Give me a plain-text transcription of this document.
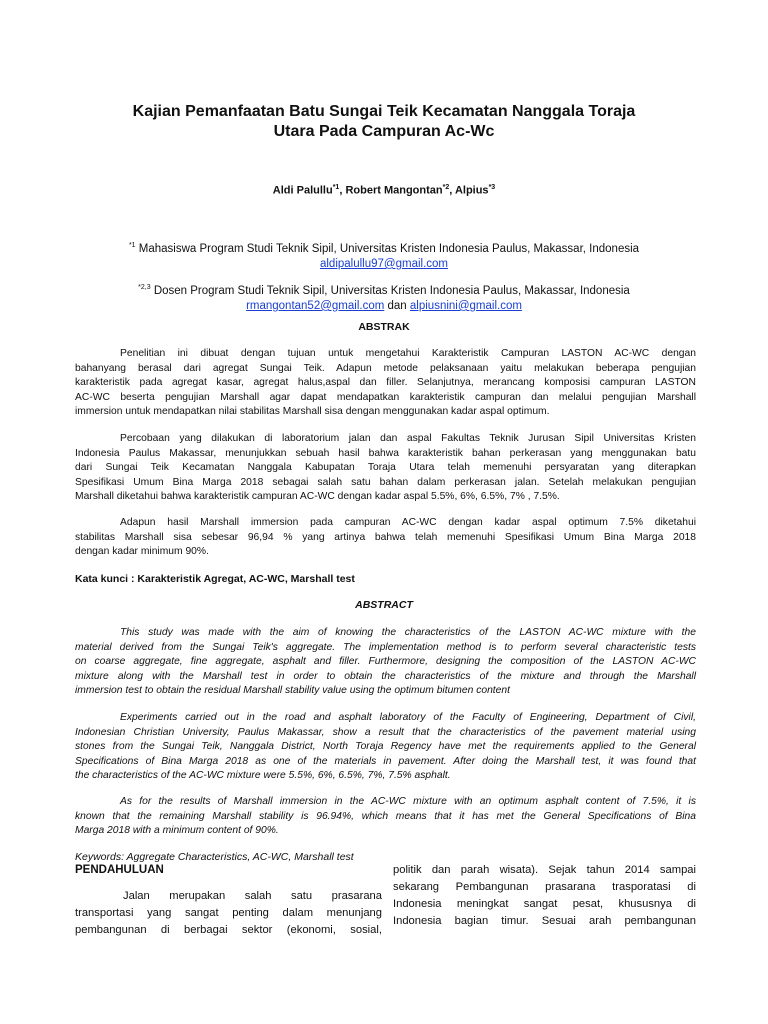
Kajian Pemanfaatan Batu Sungai Teik Kecamatan Nanggala Toraja
Utara Pada Campuran Ac-Wc
Aldi Palullu$^{*1}$, Robert Mangontan$^{*2}$, Alpius$^{*3}$
$^{*1}$ Mahasiswa Program Studi Teknik Sipil, Universitas Kristen Indonesia Paulus, Makassar, Indonesia
aldipalullu97@gmail.com
$^{*2,3}$ Dosen Program Studi Teknik Sipil, Universitas Kristen Indonesia Paulus, Makassar, Indonesia
rmangontan52@gmail.com dan alpiusnini@gmail.com
ABSTRAK
Penelitian ini dibuat dengan tujuan untuk mengetahui Karakteristik Campuran LASTON AC-WC dengan
bahanyang berasal dari agregat Sungai Teik. Adapun metode pelaksanaan yaitu melakukan beberapa pengujian
karakteristik pada agregat kasar, agregat halus,aspal dan filler. Selanjutnya, merancang komposisi campuran LASTON
AC-WC beserta pengujian Marshall agar dapat mendapatkan karakteristik campuran dan melalui pengujian Marshall
immersion untuk mendapatkan nilai stabilitas Marshall sisa dengan menggunakan kadar aspal optimum.
Percobaan yang dilakukan di laboratorium jalan dan aspal Fakultas Teknik Jurusan Sipil Universitas Kristen
Indonesia Paulus Makassar, menunjukkan sebuah hasil bahwa karakteristik bahan perkerasan yang menggunakan batu
dari Sungai Teik Kecamatan Nanggala Kabupatan Toraja Utara telah memenuhi persyaratan yang diterapkan
Spesifikasi Umum Bina Marga 2018 sebagai salah satu bahan dalam perkerasan jalan. Setelah melakukan pengujian
Marshall diketahui bahwa karakteristik campuran AC-WC dengan kadar aspal 5.5%, 6%, 6.5%, 7% , 7.5%.
Adapun hasil Marshall immersion pada campuran AC-WC dengan kadar aspal optimum 7.5% diketahui
stabilitas Marshall sisa sebesar 96,94 % yang artinya bahwa telah memenuhi Spesifikasi Umum Bina Marga 2018
dengan kadar minimum 90%.
Kata kunci : Karakteristik Agregat, AC-WC, Marshall test
ABSTRACT
This study was made with the aim of knowing the characteristics of the LASTON AC-WC mixture with the
material derived from the Sungai Teik's aggregate. The implementation method is to perform several characteristic tests
on coarse aggregate, fine aggregate, asphalt and filler. Furthermore, designing the composition of the LASTON AC-WC
mixture along with the Marshall test in order to obtain the characteristics of the mixture and through the Marshall
immersion test to obtain the residual Marshall stability value using the optimum bitumen content
Experiments carried out in the road and asphalt laboratory of the Faculty of Engineering, Department of Civil,
Indonesian Christian University, Paulus Makassar, show a result that the characteristics of the pavement material using
stones from the Sungai Teik, Nanggala District, North Toraja Regency have met the requirements applied to the General
Specifications of Bina Marga 2018 as one of the materials in pavement. After doing the Marshall test, it was found that
the characteristics of the AC-WC mixture were 5.5%, 6%, 6.5%, 7%, 7.5% asphalt.
As for the results of Marshall immersion in the AC-WC mixture with an optimum asphalt content of 7.5%, it is
known that the remaining Marshall stability is 96.94%, which means that it has met the General Specifications of Bina
Marga 2018 with a minimum content of 90%.
Keywords: Aggregate Characteristics, AC-WC, Marshall test
PENDAHULUAN
Jalan merupakan salah satu prasarana
transportasi yang sangat penting dalam menunjang
pembangunan di berbagai sektor (ekonomi, sosial,
politik dan parah wisata). Sejak tahun 2014 sampai
sekarang Pembangunan prasarana trasporatasi di
Indonesia meningkat sangat pesat, khususnya di
Indonesia bagian timur. Sesuai arah pembangunan
